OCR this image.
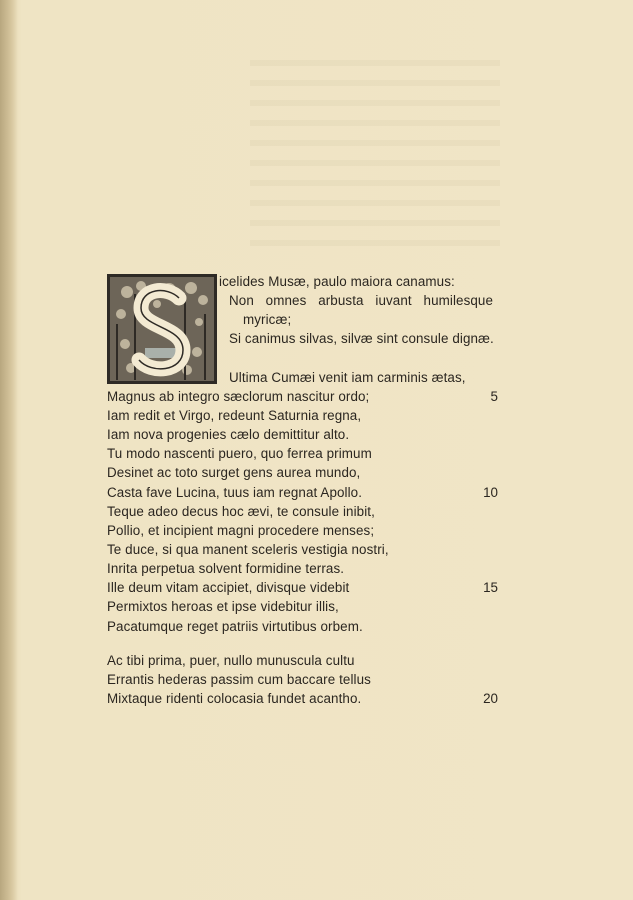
icelides Musæ, paulo maiora canamus:
Non omnes arbusta iuvant humilesque
myricæ;
Si canimus silvas, silvæ sint consule dignæ.
Ultima Cumæi venit iam carminis ætas,
Magnus ab integro sæclorum nascitur ordo;
Iam redit et Virgo, redeunt Saturnia regna,
Iam nova progenies cælo demittitur alto.
Tu modo nascenti puero, quo ferrea primum
Desinet ac toto surget gens aurea mundo,
Casta fave Lucina, tuus iam regnat Apollo.
Teque adeo decus hoc ævi, te consule inibit,
Pollio, et incipient magni procedere menses;
Te duce, si qua manent sceleris vestigia nostri,
Inrita perpetua solvent formidine terras.
Ille deum vitam accipiet, divisque videbit
Permixtos heroas et ipse videbitur illis,
Pacatumque reget patriis virtutibus orbem.
Ac tibi prima, puer, nullo munuscula cultu
Errantis hederas passim cum baccare tellus
Mixtaque ridenti colocasia fundet acantho.
5
10
15
20
